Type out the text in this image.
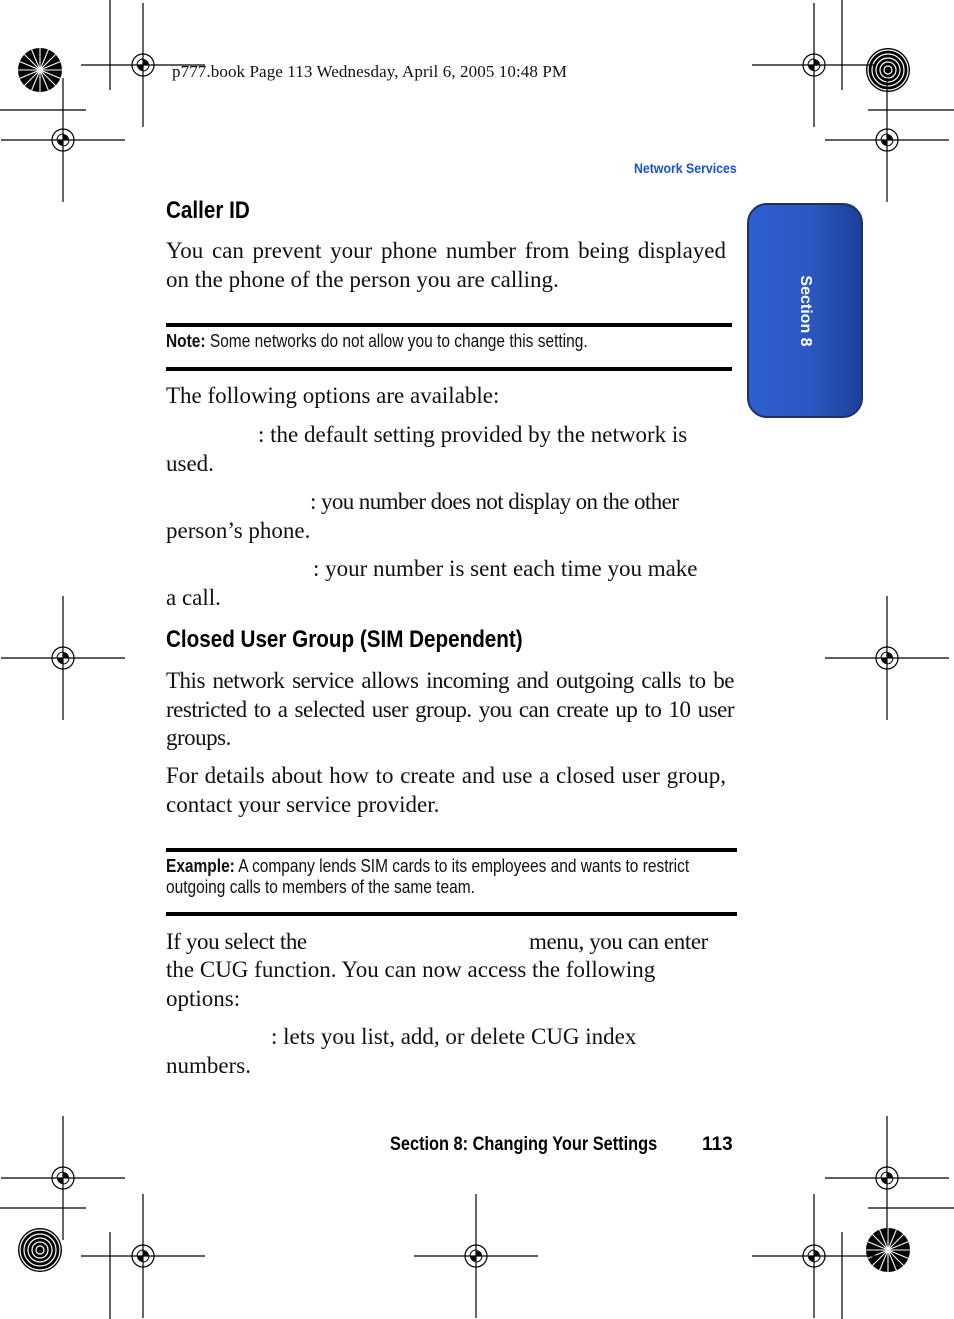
p777.book Page 113 Wednesday, April 6, 2005 10:48 PM
Network Services
Section 8
Caller ID
You can prevent your phone number from being displayed on the phone of the person you are calling.
Note: Some networks do not allow you to change this setting.
The following options are available:
: the default setting provided by the network is
used.
: you number does not display on the other
person’s phone.
: your number is sent each time you make
a call.
Closed User Group (SIM Dependent)
This network service allows incoming and outgoing calls to be restricted to a selected user group. you can create up to 10 user groups.
For details about how to create and use a closed user group, contact your service provider.
Example: A company lends SIM cards to its employees and wants to restrict outgoing calls to members of the same team.
If you select the	menu, you can enter
the CUG function. You can now access the following
options:
: lets you list, add, or delete CUG index
numbers.
Section 8: Changing Your Settings 113
